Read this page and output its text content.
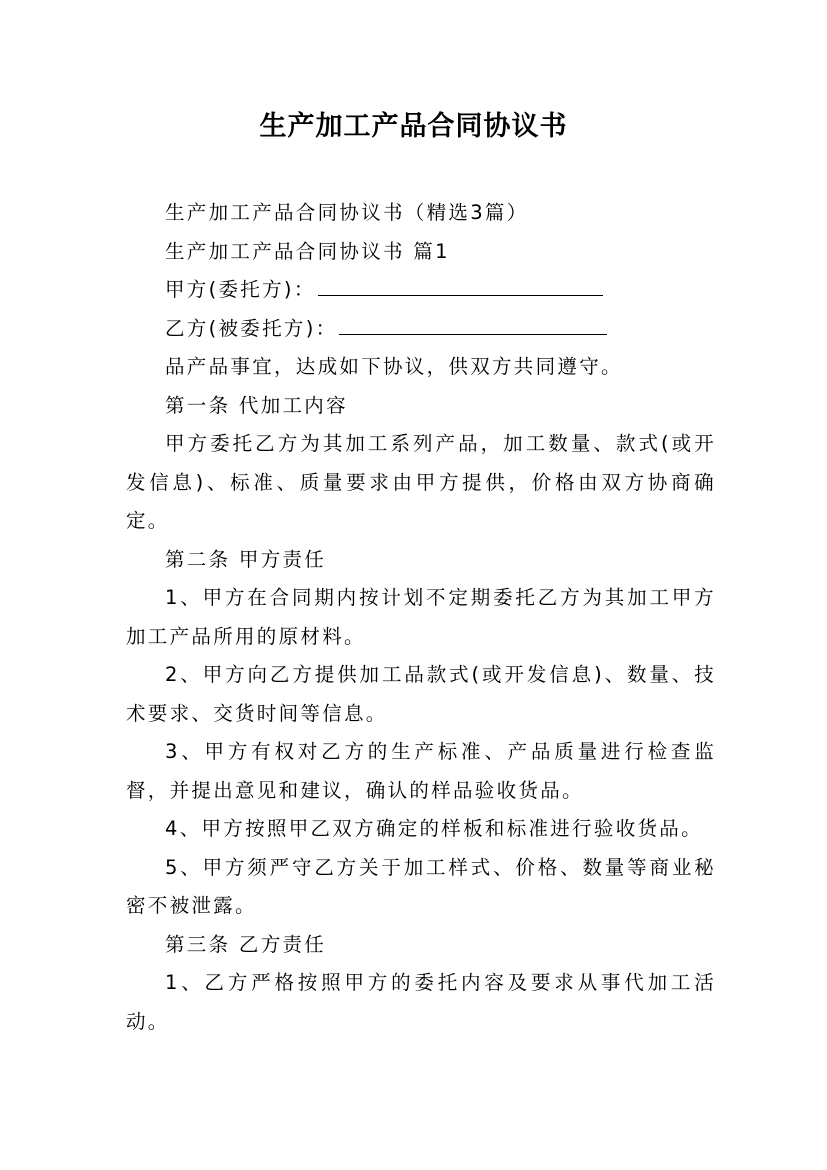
生产加工产品合同协议书

生产加工产品合同协议书（精选3篇）

生产加工产品合同协议书 篇1

甲方(委托方)：

乙方(被委托方)：

品产品事宜，达成如下协议，供双方共同遵守。

第一条 代加工内容

甲方委托乙方为其加工系列产品，加工数量、款式(或开发信息)、标准、质量要求由甲方提供，价格由双方协商确定。

第二条 甲方责任

1、甲方在合同期内按计划不定期委托乙方为其加工甲方加工产品所用的原材料。

2、甲方向乙方提供加工品款式(或开发信息)、数量、技术要求、交货时间等信息。

3、甲方有权对乙方的生产标准、产品质量进行检查监督，并提出意见和建议，确认的样品验收货品。

4、甲方按照甲乙双方确定的样板和标准进行验收货品。

5、甲方须严守乙方关于加工样式、价格、数量等商业秘密不被泄露。

第三条 乙方责任

1、乙方严格按照甲方的委托内容及要求从事代加工活动。
